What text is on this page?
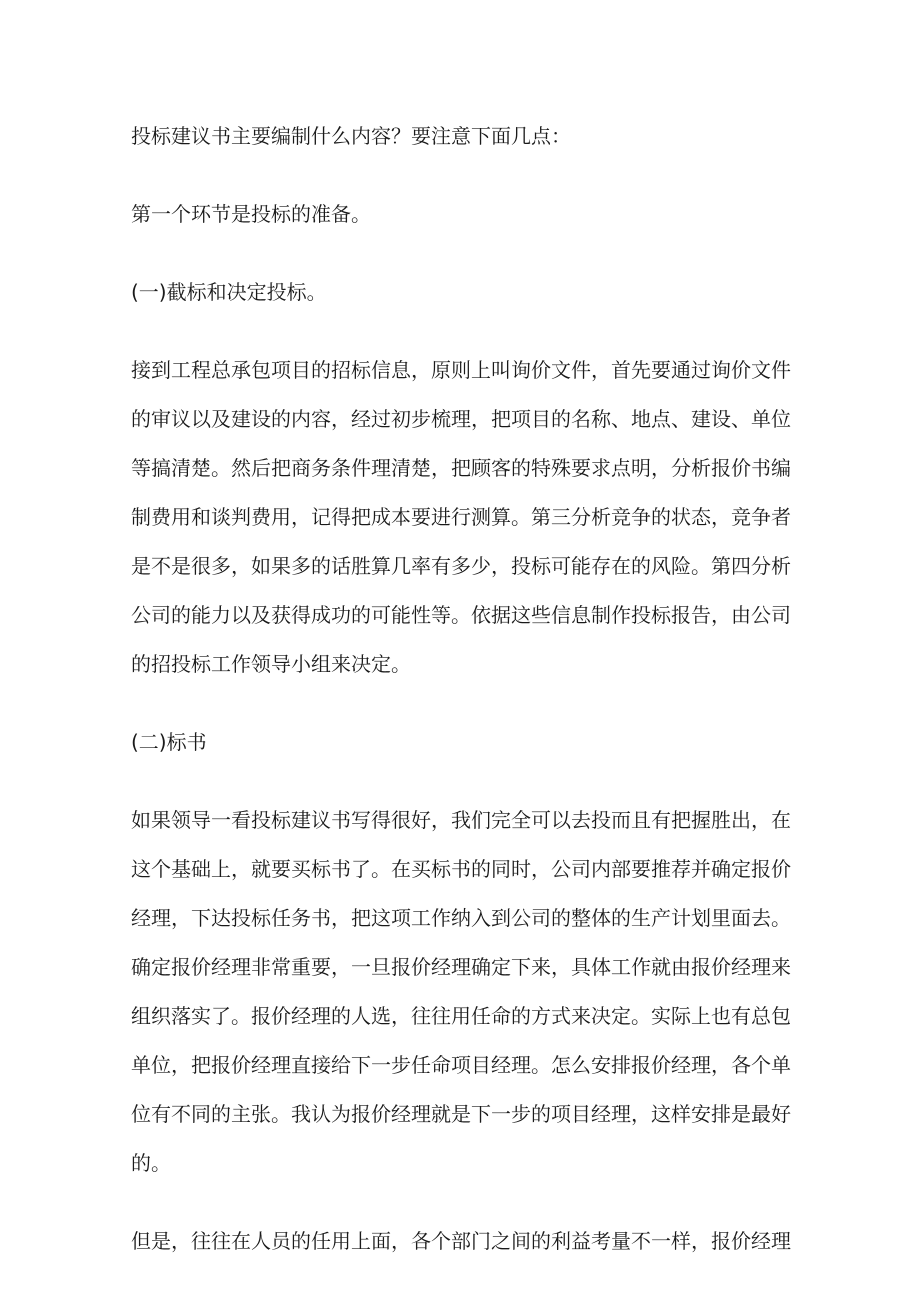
投标建议书主要编制什么内容？要注意下面几点：

第一个环节是投标的准备。

(一)截标和决定投标。

接到工程总承包项目的招标信息，原则上叫询价文件，首先要通过询价文件

的审议以及建设的内容，经过初步梳理，把项目的名称、地点、建设、单位

等搞清楚。然后把商务条件理清楚，把顾客的特殊要求点明，分析报价书编

制费用和谈判费用，记得把成本要进行测算。第三分析竞争的状态，竞争者

是不是很多，如果多的话胜算几率有多少，投标可能存在的风险。第四分析

公司的能力以及获得成功的可能性等。依据这些信息制作投标报告，由公司

的招投标工作领导小组来决定。

(二)标书

如果领导一看投标建议书写得很好，我们完全可以去投而且有把握胜出，在

这个基础上，就要买标书了。在买标书的同时，公司内部要推荐并确定报价

经理，下达投标任务书，把这项工作纳入到公司的整体的生产计划里面去。

确定报价经理非常重要，一旦报价经理确定下来，具体工作就由报价经理来

组织落实了。报价经理的人选，往往用任命的方式来决定。实际上也有总包

单位，把报价经理直接给下一步任命项目经理。怎么安排报价经理，各个单

位有不同的主张。我认为报价经理就是下一步的项目经理，这样安排是最好

的。

但是，往往在人员的任用上面，各个部门之间的利益考量不一样，报价经理
